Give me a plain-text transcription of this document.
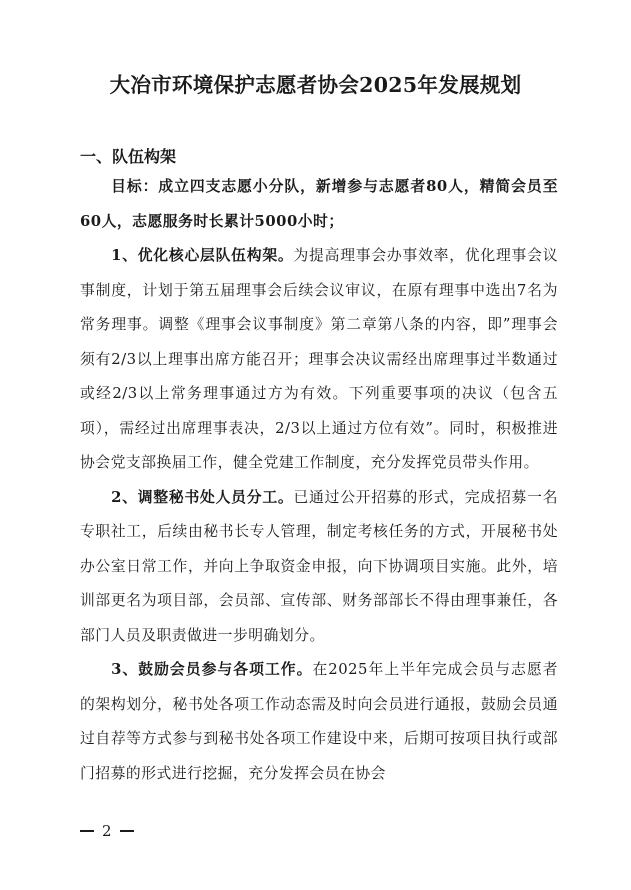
大冶市环境保护志愿者协会2025年发展规划
一、队伍构架

目标：成立四支志愿小分队，新增参与志愿者80人，精简会员至60人，志愿服务时长累计5000小时；

1、优化核心层队伍构架。为提高理事会办事效率，优化理事会议事制度，计划于第五届理事会后续会议审议，在原有理事中选出7名为常务理事。调整《理事会议事制度》第二章第八条的内容，即”理事会须有2/3以上理事出席方能召开；理事会决议需经出席理事过半数通过或经2/3以上常务理事通过方为有效。下列重要事项的决议（包含五项），需经过出席理事表决，2/3以上通过方位有效”。同时，积极推进协会党支部换届工作，健全党建工作制度，充分发挥党员带头作用。

2、调整秘书处人员分工。已通过公开招募的形式，完成招募一名专职社工，后续由秘书长专人管理，制定考核任务的方式，开展秘书处办公室日常工作，并向上争取资金申报，向下协调项目实施。此外，培训部更名为项目部，会员部、宣传部、财务部部长不得由理事兼任，各部门人员及职责做进一步明确划分。

3、鼓励会员参与各项工作。在2025年上半年完成会员与志愿者的架构划分，秘书处各项工作动态需及时向会员进行通报，鼓励会员通过自荐等方式参与到秘书处各项工作建设中来，后期可按项目执行或部门招募的形式进行挖掘，充分发挥会员在协会

2
